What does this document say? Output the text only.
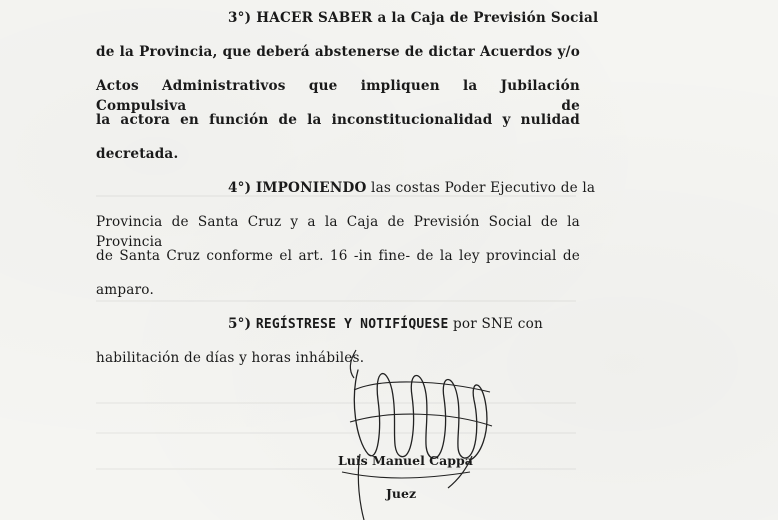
3°) HACER SABER a la Caja de Previsión Social
de la Provincia, que deberá abstenerse de dictar Acuerdos y/o
Actos Administrativos que impliquen la Jubilación Compulsiva de
la actora en función de la inconstitucionalidad y nulidad
decretada.
4°) IMPONIENDO las costas Poder Ejecutivo de la
Provincia de Santa Cruz y a la Caja de Previsión Social de la Provincia
de Santa Cruz conforme el art. 16 -in fine- de la ley provincial de
amparo.
5°) REGÍSTRESE Y NOTIFÍQUESE por SNE con
habilitación de días y horas inhábiles.
Luis Manuel Cappa
Juez
